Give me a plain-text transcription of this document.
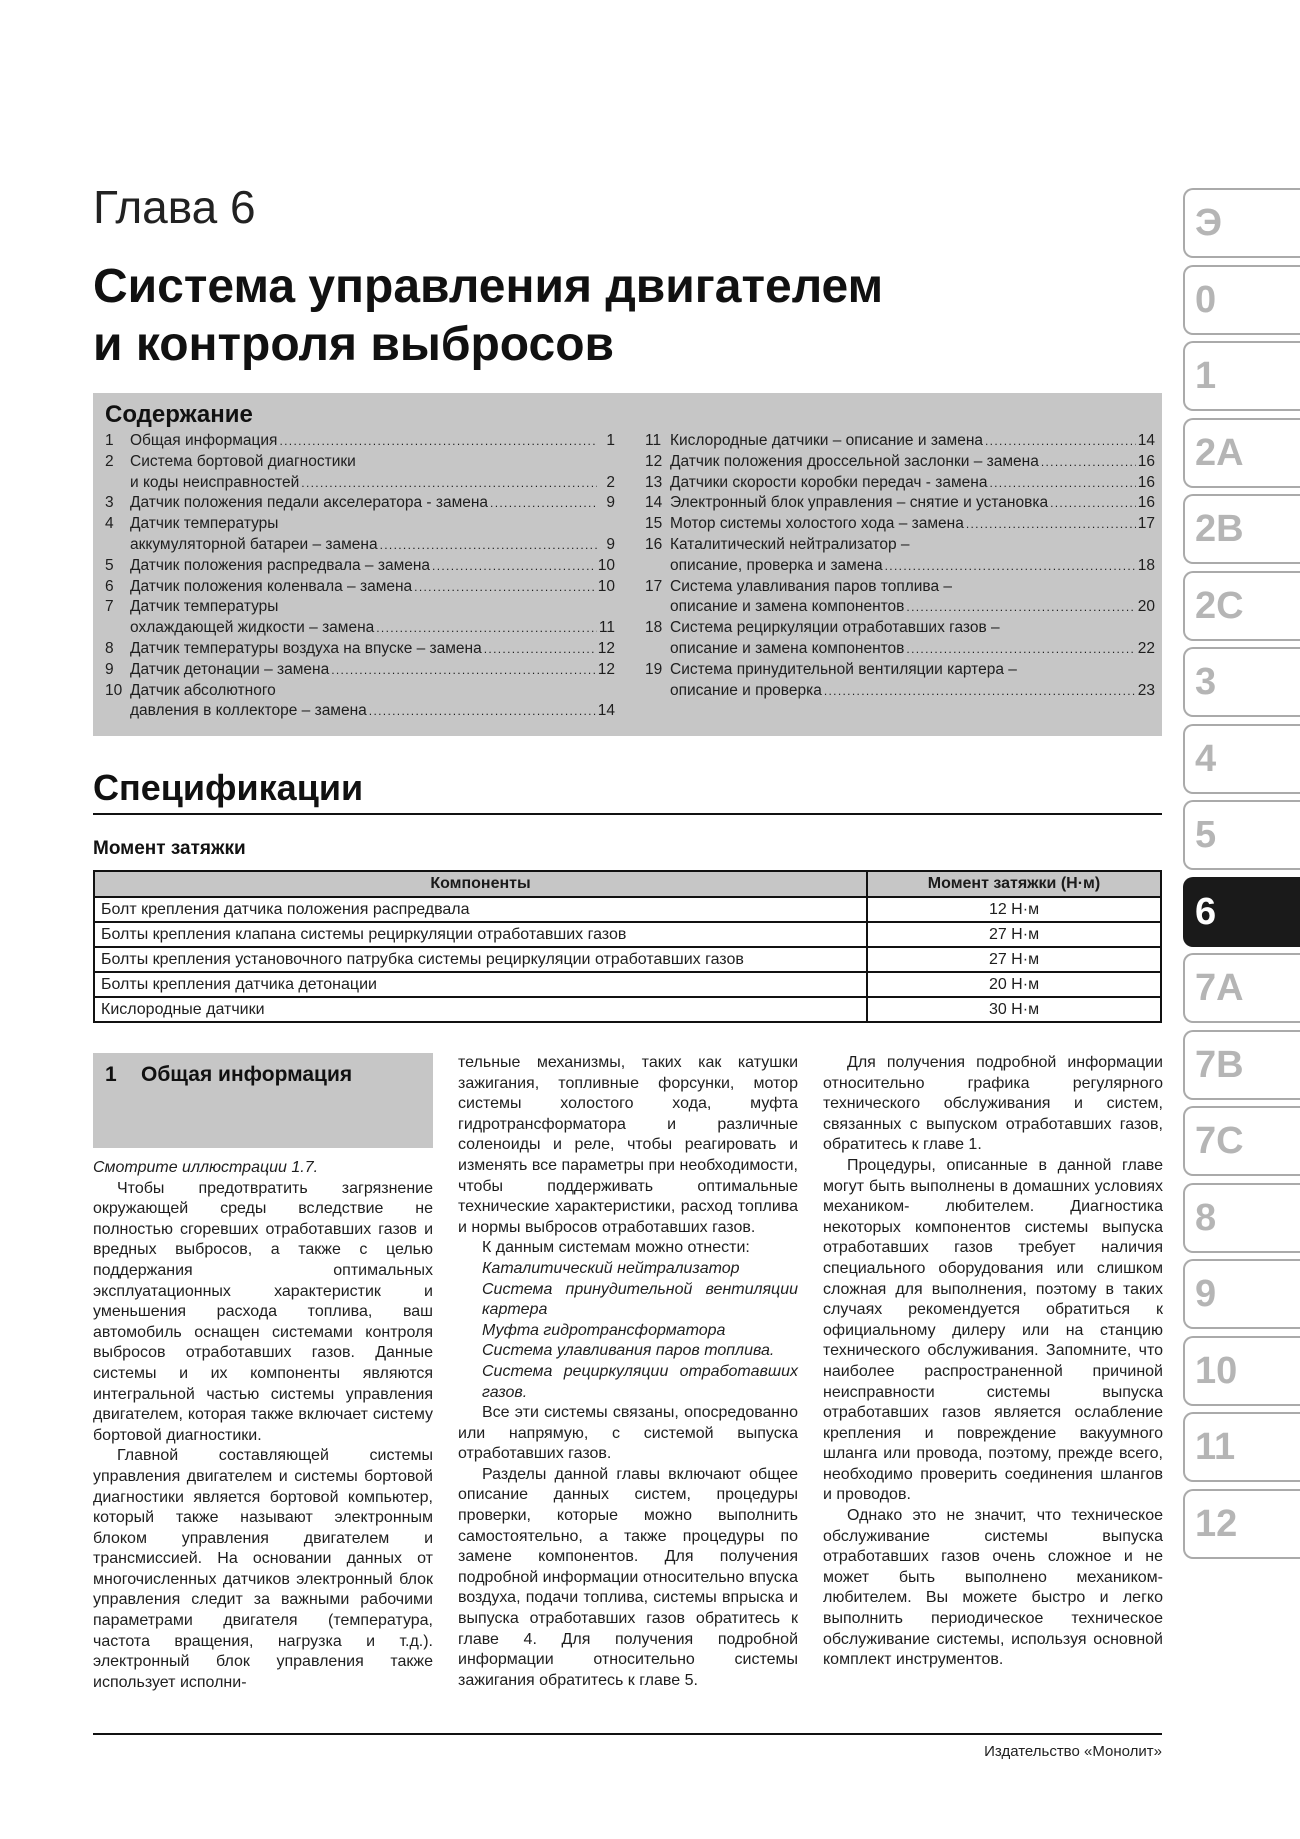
Глава 6
Система управления двигателем
и контроля выбросов
Содержание
1	Общая информация . . .	1
2	Система бортовой диагностики
и коды неисправностей . . .	2
3	Датчик положения педали акселератора - замена . . .	9
4	Датчик температуры
аккумуляторной батареи – замена . . .	9
5	Датчик положения распредвала – замена . . .	10
6	Датчик положения коленвала – замена . . .	10
7	Датчик температуры
охлаждающей жидкости – замена . . .	11
8	Датчик температуры воздуха на впуске – замена . . .	12
9	Датчик детонации – замена . . .	12
10 Датчик абсолютного
давления в коллекторе – замена . . .	14
11 Кислородные датчики – описание и замена . . .	14
12 Датчик положения дроссельной заслонки – замена . . .	16
13 Датчики скорости коробки передач - замена . . .	16
14 Электронный блок управления – снятие и установка . . .	16
15 Мотор системы холостого хода – замена . . .	17
16 Каталитический нейтрализатор –
описание, проверка и замена . . .	18
17 Система улавливания паров топлива –
описание и замена компонентов . . .	20
18 Система рециркуляции отработавших газов –
описание и замена компонентов . . .	22
19 Система принудительной вентиляции картера –
описание и проверка . . .	23
Спецификации
Момент затяжки
Компоненты	Момент затяжки (Н·м)
Болт крепления датчика положения распредвала	12 Н·м
Болты крепления клапана системы рециркуляции отработавших газов	27 Н·м
Болты крепления установочного патрубка системы рециркуляции отработавших газов	27 Н·м
Болты крепления датчика детонации	20 Н·м
Кислородные датчики	30 Н·м
1 Общая информация

Смотрите иллюстрации 1.7.

Чтобы предотвратить загрязнение окружающей среды вследствие не полностью сгоревших отработавших газов и вредных выбросов, а также с целью поддержания оптимальных эксплуатационных характеристик и уменьшения расхода топлива, ваш автомобиль оснащен системами контроля выбросов отработавших газов. Данные системы и их компоненты являются интегральной частью системы управления двигателем, которая также включает систему бортовой диагностики.

Главной составляющей системы управления двигателем и системы бортовой диагностики является бортовой компьютер, который также называют электронным блоком управления двигателем и трансмиссией. На основании данных от многочисленных датчиков электронный блок управления следит за важными рабочими параметрами двигателя (температура, частота вращения, нагрузка и т.д.). электронный блок управления также использует исполни-

тельные механизмы, таких как катушки зажигания, топливные форсунки, мотор системы холостого хода, муфта гидротрансформатора и различные соленоиды и реле, чтобы реагировать и изменять все параметры при необходимости, чтобы поддерживать оптимальные технические характеристики, расход топлива и нормы выбросов отработавших газов.

К данным системам можно отнести:

Каталитический нейтрализатор

Система принудительной вентиляции картера

Муфта гидротрансформатора

Система улавливания паров топлива.

Система рециркуляции отработавших газов.

Все эти системы связаны, опосредованно или напрямую, с системой выпуска отработавших газов.

Разделы данной главы включают общее описание данных систем, процедуры проверки, которые можно выполнить самостоятельно, а также процедуры по замене компонентов. Для получения подробной информации относительно впуска воздуха, подачи топлива, системы впрыска и выпуска отработавших газов обратитесь к главе 4. Для получения подробной информации относительно системы зажигания обратитесь к главе 5.

Для получения подробной информации относительно графика регулярного технического обслуживания и систем, связанных с выпуском отработавших газов, обратитесь к главе 1.

Процедуры, описанные в данной главе могут быть выполнены в домашних условиях механиком- любителем. Диагностика некоторых компонентов системы выпуска отработавших газов требует наличия специального оборудования или слишком сложная для выполнения, поэтому в таких случаях рекомендуется обратиться к официальному дилеру или на станцию технического обслуживания. Запомните, что наиболее распространенной причиной неисправности системы выпуска отработавших газов является ослабление крепления и повреждение вакуумного шланга или провода, поэтому, прежде всего, необходимо проверить соединения шлангов и проводов.

Однако это не значит, что техническое обслуживание системы выпуска отработавших газов очень сложное и не может быть выполнено механиком-любителем. Вы можете быстро и легко выполнить периодическое техническое обслуживание системы, используя основной комплект инструментов.

Издательство «Монолит»
Э
0
1
2A
2B
2C
3
4
5
6
7A
7B
7C
8
9
10
11
12
